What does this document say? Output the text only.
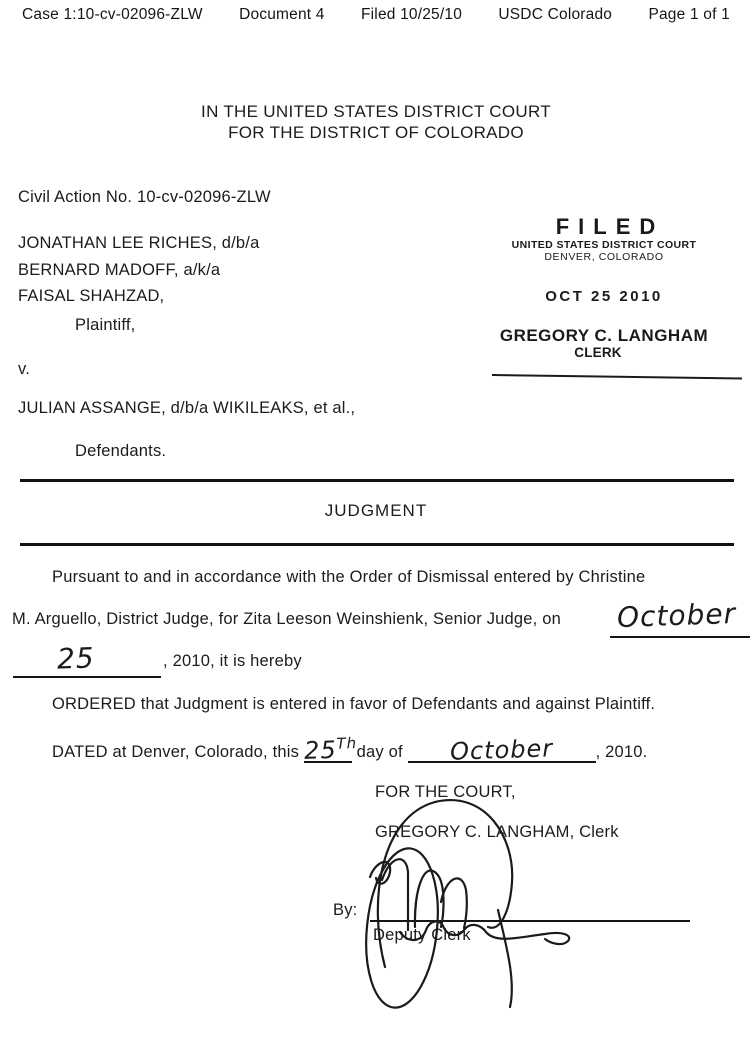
Case 1:10-cv-02096-ZLW Document 4 Filed 10/25/10 USDC Colorado Page 1 of 1
IN THE UNITED STATES DISTRICT COURT
FOR THE DISTRICT OF COLORADO
Civil Action No. 10-cv-02096-ZLW
JONATHAN LEE RICHES, d/b/a
BERNARD MADOFF, a/k/a
FAISAL SHAHZAD,
Plaintiff,
v.
JULIAN ASSANGE, d/b/a WIKILEAKS, et al.,
Defendants.
FILED
UNITED STATES DISTRICT COURT
DENVER, COLORADO
OCT 25 2010
GREGORY C. LANGHAM
CLERK
JUDGMENT
Pursuant to and in accordance with the Order of Dismissal entered by Christine
M. Arguello, District Judge, for Zita Leeson Weinshienk, Senior Judge, on October
25	, 2010, it is hereby
ORDERED that Judgment is entered in favor of Defendants and against Plaintiff.
DATED at Denver, Colorado, this 25Th day of October	, 2010.
FOR THE COURT,
GREGORY C. LANGHAM, Clerk
By:
Deputy Clerk
